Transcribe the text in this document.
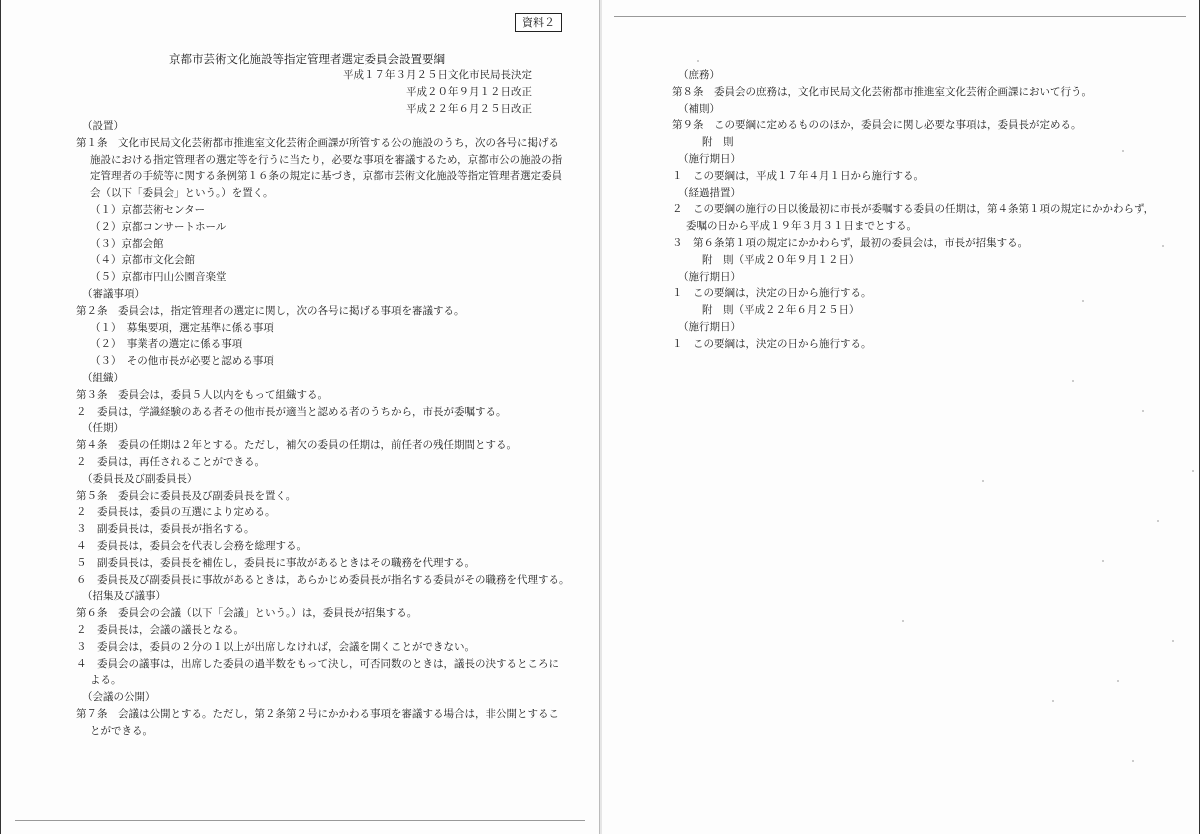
資料２
京都市芸術文化施設等指定管理者選定委員会設置要綱
平成１７年３月２５日文化市民局長決定
平成２０年９月１２日改正
平成２２年６月２５日改正
（設置）
第１条　文化市民局文化芸術都市推進室文化芸術企画課が所管する公の施設のうち，次の各号に掲げる
施設における指定管理者の選定等を行うに当たり，必要な事項を審議するため，京都市公の施設の指
定管理者の手続等に関する条例第１６条の規定に基づき，京都市芸術文化施設等指定管理者選定委員
会（以下「委員会」という。）を置く。
（１）京都芸術センター
（２）京都コンサートホール
（３）京都会館
（４）京都市文化会館
（５）京都市円山公園音楽堂
（審議事項）
第２条　委員会は，指定管理者の選定に関し，次の各号に掲げる事項を審議する。
（１）　募集要項，選定基準に係る事項
（２）　事業者の選定に係る事項
（３）　その他市長が必要と認める事項
（組織）
第３条　委員会は，委員５人以内をもって組織する。
２　委員は，学識経験のある者その他市長が適当と認める者のうちから，市長が委嘱する。
（任期）
第４条　委員の任期は２年とする。ただし，補欠の委員の任期は，前任者の残任期間とする。
２　委員は，再任されることができる。
（委員長及び副委員長）
第５条　委員会に委員長及び副委員長を置く。
２　委員長は，委員の互選により定める。
３　副委員長は，委員長が指名する。
４　委員長は，委員会を代表し会務を総理する。
５　副委員長は，委員長を補佐し，委員長に事故があるときはその職務を代理する。
６　委員長及び副委員長に事故があるときは，あらかじめ委員長が指名する委員がその職務を代理する。
（招集及び議事）
第６条　委員会の会議（以下「会議」という。）は，委員長が招集する。
２　委員長は，会議の議長となる。
３　委員会は，委員の２分の１以上が出席しなければ，会議を開くことができない。
４　委員会の議事は，出席した委員の過半数をもって決し，可否同数のときは，議長の決するところに
よる。
（会議の公開）
第７条　会議は公開とする。ただし，第２条第２号にかかわる事項を審議する場合は，非公開とするこ
とができる。
（庶務）
第８条　委員会の庶務は，文化市民局文化芸術都市推進室文化芸術企画課において行う。
（補則）
第９条　この要綱に定めるもののほか，委員会に関し必要な事項は，委員長が定める。
附　則
（施行期日）
１　この要綱は，平成１７年４月１日から施行する。
（経過措置）
２　この要綱の施行の日以後最初に市長が委嘱する委員の任期は，第４条第１項の規定にかかわらず，
委嘱の日から平成１９年３月３１日までとする。
３　第６条第１項の規定にかかわらず，最初の委員会は，市長が招集する。
附　則（平成２０年９月１２日）
（施行期日）
１　この要綱は，決定の日から施行する。
附　則（平成２２年６月２５日）
（施行期日）
１　この要綱は，決定の日から施行する。
